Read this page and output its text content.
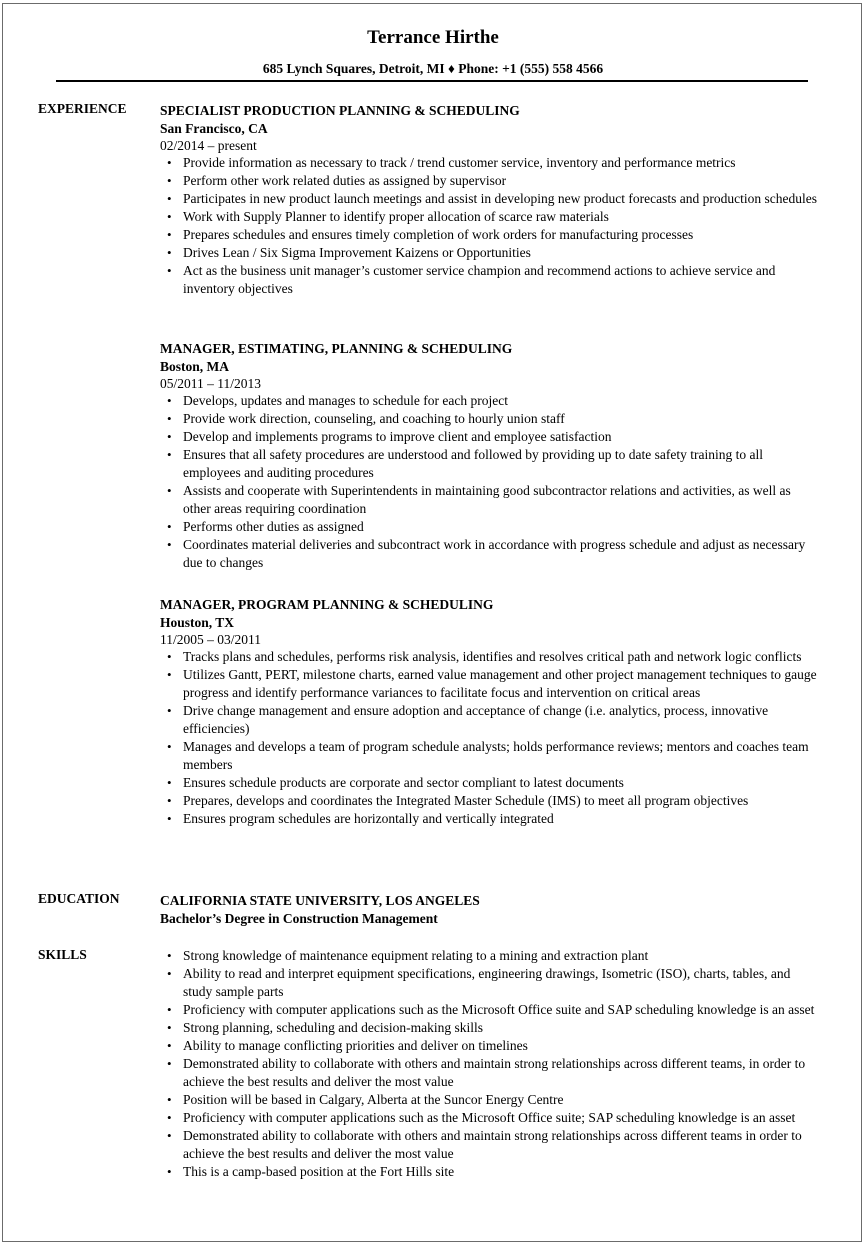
Terrance Hirthe
685 Lynch Squares, Detroit, MI ♦ Phone: +1 (555) 558 4566
EXPERIENCE SPECIALIST PRODUCTION PLANNING & SCHEDULING
San Francisco, CA
02/2014 – present
• Provide information as necessary to track / trend customer service, inventory and performance metrics
• Perform other work related duties as assigned by supervisor
• Participates in new product launch meetings and assist in developing new product forecasts and production schedules
• Work with Supply Planner to identify proper allocation of scarce raw materials
• Prepares schedules and ensures timely completion of work orders for manufacturing processes
• Drives Lean / Six Sigma Improvement Kaizens or Opportunities
• Act as the business unit manager’s customer service champion and recommend actions to achieve service and inventory objectives
MANAGER, ESTIMATING, PLANNING & SCHEDULING
Boston, MA
05/2011 – 11/2013
• Develops, updates and manages to schedule for each project
• Provide work direction, counseling, and coaching to hourly union staff
• Develop and implements programs to improve client and employee satisfaction
• Ensures that all safety procedures are understood and followed by providing up to date safety training to all employees and auditing procedures
• Assists and cooperate with Superintendents in maintaining good subcontractor relations and activities, as well as other areas requiring coordination
• Performs other duties as assigned
• Coordinates material deliveries and subcontract work in accordance with progress schedule and adjust as necessary due to changes
MANAGER, PROGRAM PLANNING & SCHEDULING
Houston, TX
11/2005 – 03/2011
• Tracks plans and schedules, performs risk analysis, identifies and resolves critical path and network logic conflicts
• Utilizes Gantt, PERT, milestone charts, earned value management and other project management techniques to gauge progress and identify performance variances to facilitate focus and intervention on critical areas
• Drive change management and ensure adoption and acceptance of change (i.e. analytics, process, innovative efficiencies)
• Manages and develops a team of program schedule analysts; holds performance reviews; mentors and coaches team members
• Ensures schedule products are corporate and sector compliant to latest documents
• Prepares, develops and coordinates the Integrated Master Schedule (IMS) to meet all program objectives
• Ensures program schedules are horizontally and vertically integrated
EDUCATION	CALIFORNIA STATE UNIVERSITY, LOS ANGELES
Bachelor’s Degree in Construction Management
SKILLS
•	Strong knowledge of maintenance equipment relating to a mining and extraction plant
• Ability to read and interpret equipment specifications, engineering drawings, Isometric (ISO), charts, tables, and study sample parts
• Proficiency with computer applications such as the Microsoft Office suite and SAP scheduling knowledge is an asset
• Strong planning, scheduling and decision-making skills
• Ability to manage conflicting priorities and deliver on timelines
• Demonstrated ability to collaborate with others and maintain strong relationships across different teams, in order to achieve the best results and deliver the most value
• Position will be based in Calgary, Alberta at the Suncor Energy Centre
• Proficiency with computer applications such as the Microsoft Office suite; SAP scheduling knowledge is an asset
• Demonstrated ability to collaborate with others and maintain strong relationships across different teams in order to achieve the best results and deliver the most value
• This is a camp-based position at the Fort Hills site
